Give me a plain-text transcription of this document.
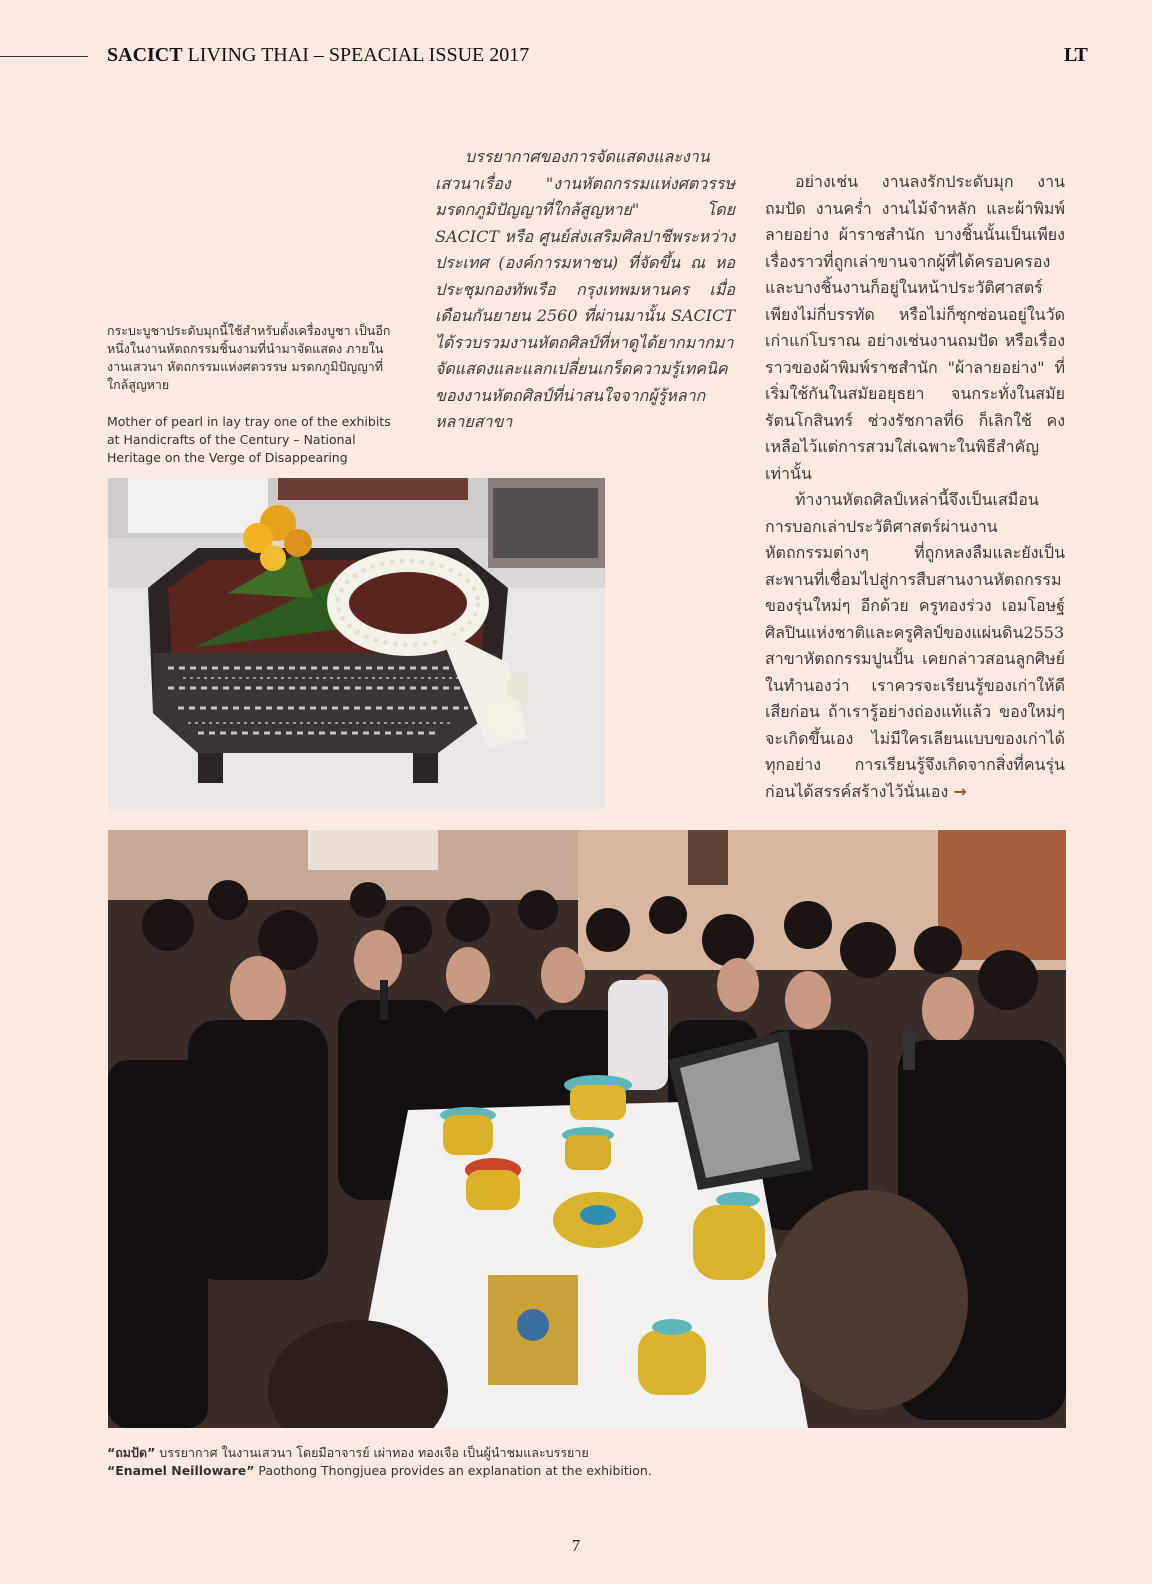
SACICT LIVING THAI – SPEACIAL ISSUE 2017	LT
กระบะบูชาประดับมุกนี้ใช้สำหรับตั้งเครื่องบูชา เป็นอีกหนึ่งในงานหัตถกรรมชิ้นงามที่นำมาจัดแสดง ภายในงานเสวนา หัตถกรรมแห่งศตวรรษ มรดกภูมิปัญญาที่ใกล้สูญหาย
Mother of pearl in lay tray one of the exhibits at Handicrafts of the Century – National Heritage on the Verge of Disappearing
บรรยากาศของการจัดแสดงและงานเสวนาเรื่อง "งานหัตถกรรมแห่งศตวรรษ มรดกภูมิปัญญาที่ใกล้สูญหาย" โดย SACICT หรือ ศูนย์ส่งเสริมศิลปาชีพระหว่างประเทศ (องค์การมหาชน) ที่จัดขึ้น ณ หอประชุมกองทัพเรือ กรุงเทพมหานคร เมื่อเดือนกันยายน 2560 ที่ผ่านมานั้น SACICT ได้รวบรวมงานหัตถศิลป์ที่หาดูได้ยากมากมาจัดแสดงและแลกเปลี่ยนเกร็ดความรู้เทคนิคของงานหัตถศิลป์ที่น่าสนใจจากผู้รู้หลากหลายสาขา

อย่างเช่น งานลงรักประดับมุก งานถมปัด งานคร่ำ งานไม้จำหลัก และผ้าพิมพ์ลายอย่าง ผ้าราชสำนัก บางชิ้นนั้นเป็นเพียงเรื่องราวที่ถูกเล่าขานจากผู้ที่ได้ครอบครอง และบางชิ้นงานก็อยู่ในหน้าประวัติศาสตร์เพียงไม่กี่บรรทัด หรือไม่ก็ซุกซ่อนอยู่ในวัดเก่าแก่โบราณ อย่างเช่นงานถมปัด หรือเรื่องราวของผ้าพิมพ์ราชสำนัก "ผ้าลายอย่าง" ที่เริ่มใช้กันในสมัยอยุธยา จนกระทั่งในสมัยรัตนโกสินทร์ ช่วงรัชกาลที่6 ก็เลิกใช้ คงเหลือไว้แต่การสวมใส่เฉพาะในพิธีสำคัญเท่านั้น

ท้างานหัตถศิลป์เหล่านี้จึงเป็นเสมือนการบอกเล่าประวัติศาสตร์ผ่านงานหัตถกรรมต่างๆ ที่ถูกหลงลืมและยังเป็นสะพานที่เชื่อมไปสู่การสืบสานงานหัตถกรรมของรุ่นใหม่ๆ อีกด้วย ครูทองร่วง เอมโอษฐ์ ศิลปินแห่งชาติและครูศิลป์ของแผ่นดิน2553 สาขาหัตถกรรมปูนปั้น เคยกล่าวสอนลูกศิษย์ในทำนองว่า เราควรจะเรียนรู้ของเก่าให้ดีเสียก่อน ถ้าเรารู้อย่างถ่องแท้แล้ว ของใหม่ๆ จะเกิดขึ้นเอง ไม่มีใครเลียนแบบของเก่าได้ทุกอย่าง การเรียนรู้จึงเกิดจากสิ่งที่คนรุ่นก่อนได้สรรค์สร้างไว้นั่นเอง →

“ถมปัด” บรรยากาศ ในงานเสวนา โดยมีอาจารย์ เผ่าทอง ทองเจือ เป็นผู้นำชมและบรรยาย
“Enamel Neilloware” Paothong Thongjuea provides an explanation at the exhibition.
7
